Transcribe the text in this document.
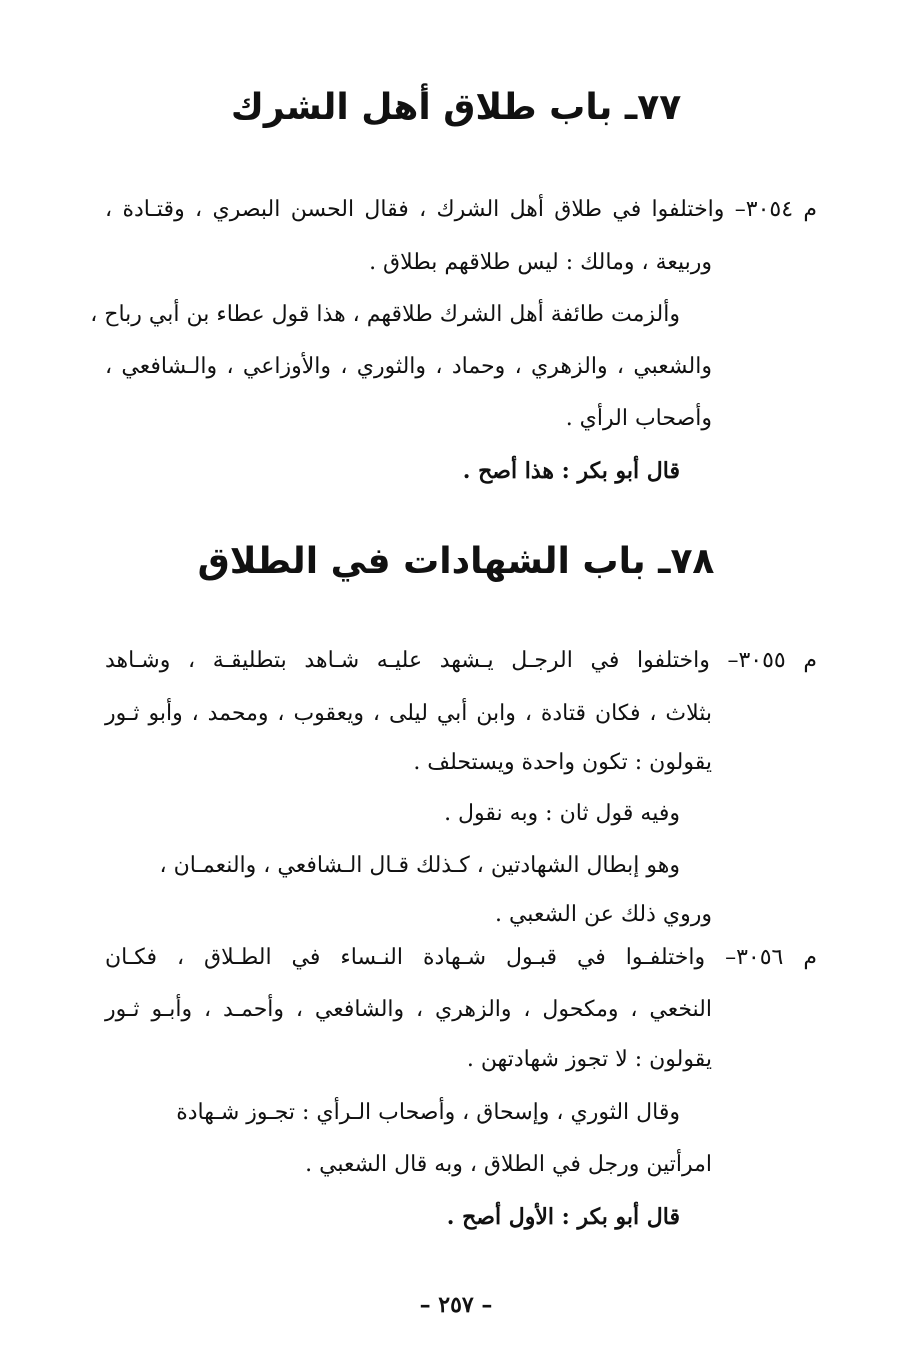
٧٧ـ باب طلاق أهل الشرك
م ٣٠٥٤– واختلفوا في طلاق أهل الشرك ، فقال الحسن البصري ، وقتـادة ،
وربيعة ، ومالك : ليس طلاقهم بطلاق .
وألزمت طائفة أهل الشرك طلاقهم ، هذا قول عطاء بن أبي رباح ،
والشعبي ، والزهري ، وحماد ، والثوري ، والأوزاعي ، والـشافعي ،
وأصحاب الرأي .
قال أبو بكر : هذا أصح .
٧٨ـ باب الشهادات في الطلاق
م ٣٠٥٥– واختلفوا في الرجـل يـشهد عليـه شـاهد بتطليقـة ، وشـاهد
بثلاث ، فكان قتادة ، وابن أبي ليلى ، ويعقوب ، ومحمد ، وأبو ثـور
يقولون : تكون واحدة ويستحلف .
وفيه قول ثان : وبه نقول .
وهو إبطال الشهادتين ، كـذلك قـال الـشافعي ، والنعمـان ،
وروي ذلك عن الشعبي .
م ٣٠٥٦– واختلفـوا في قبـول شـهادة النـساء في الطـلاق ، فكـان
النخعي ، ومكحول ، والزهري ، والشافعي ، وأحمـد ، وأبـو ثـور
يقولون : لا تجوز شهادتهن .
وقال الثوري ، وإسحاق ، وأصحاب الـرأي : تجـوز شـهادة
امرأتين ورجل في الطلاق ، وبه قال الشعبي .
قال أبو بكر : الأول أصح .
– ٢٥٧ –
